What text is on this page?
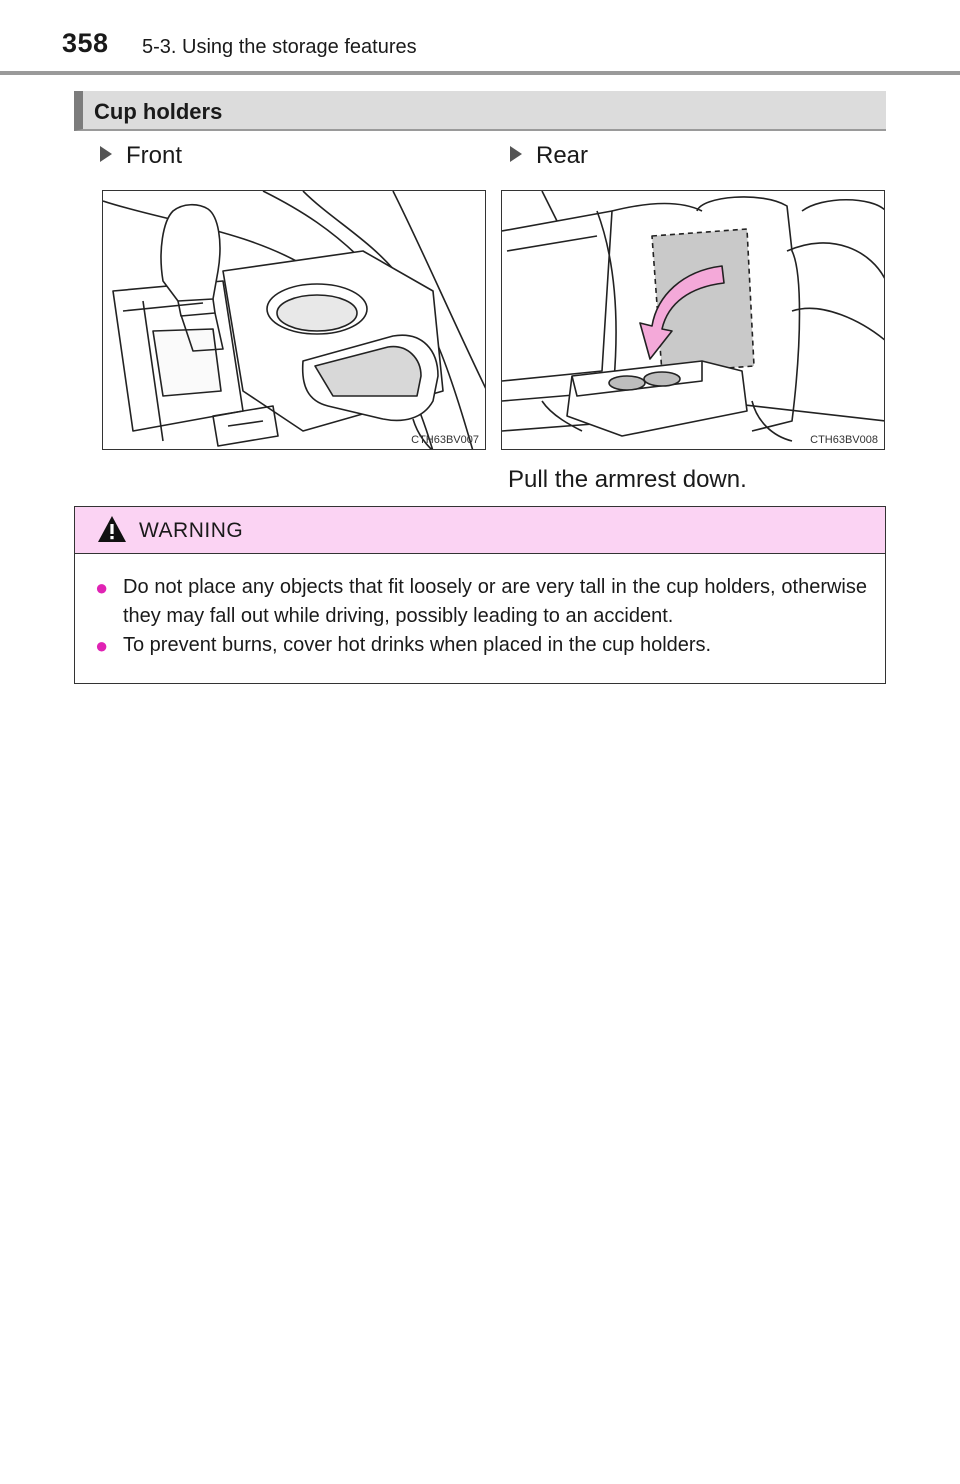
358 5-3. Using the storage features
Cup holders
Front	Rear
CTH63BV007	CTH63BV008
Pull the armrest down.
WARNING
● Do not place any objects that fit loosely or are very tall in the cup holders, otherwise they may fall out while driving, possibly leading to an accident.
● To prevent burns, cover hot drinks when placed in the cup holders.
